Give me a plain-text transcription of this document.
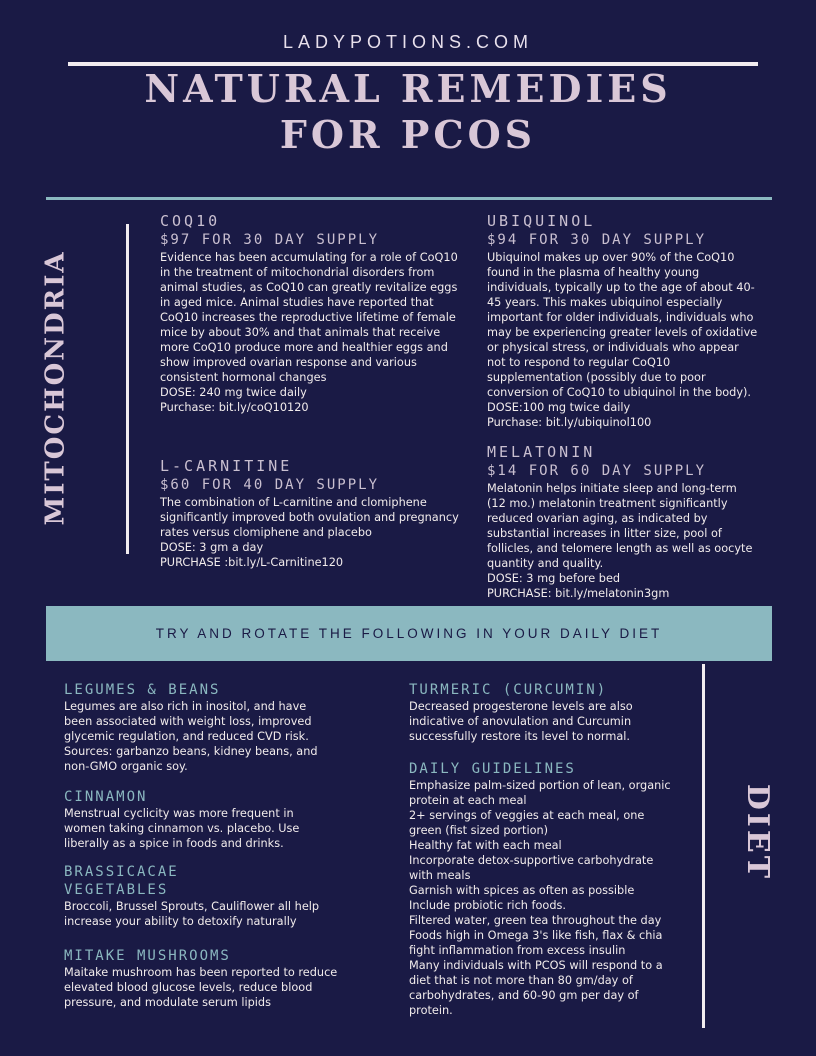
LADYPOTIONS.COM
NATURAL REMEDIES
FOR PCOS
MITOCHONDRIA
COQ10
$97 FOR 30 DAY SUPPLY
Evidence has been accumulating for a role of CoQ10 in the treatment of mitochondrial disorders from animal studies, as CoQ10 can greatly revitalize eggs in aged mice. Animal studies have reported that CoQ10 increases the reproductive lifetime of female mice by about 30% and that animals that receive more CoQ10 produce more and healthier eggs and show improved ovarian response and various consistent hormonal changes
DOSE: 240 mg twice daily
Purchase: bit.ly/coQ10120
UBIQUINOL
$94 FOR 30 DAY SUPPLY
Ubiquinol makes up over 90% of the CoQ10 found in the plasma of healthy young individuals, typically up to the age of about 40-45 years. This makes ubiquinol especially important for older individuals, individuals who may be experiencing greater levels of oxidative or physical stress, or individuals who appear not to respond to regular CoQ10 supplementation (possibly due to poor conversion of CoQ10 to ubiquinol in the body).
DOSE:100 mg twice daily
Purchase: bit.ly/ubiquinol100
L-CARNITINE
$60 FOR 40 DAY SUPPLY
The combination of L-carnitine and clomiphene significantly improved both ovulation and pregnancy rates versus clomiphene and placebo
DOSE: 3 gm a day
PURCHASE :bit.ly/L-Carnitine120
MELATONIN
$14 FOR 60 DAY SUPPLY
Melatonin helps initiate sleep and long-term (12 mo.) melatonin treatment significantly reduced ovarian aging, as indicated by substantial increases in litter size, pool of follicles, and telomere length as well as oocyte quantity and quality.
DOSE: 3 mg before bed
PURCHASE: bit.ly/melatonin3gm
TRY AND ROTATE THE FOLLOWING IN YOUR DAILY DIET
LEGUMES & BEANS
Legumes are also rich in inositol, and have been associated with weight loss, improved glycemic regulation, and reduced CVD risk. Sources: garbanzo beans, kidney beans, and non-GMO organic soy.
CINNAMON
Menstrual cyclicity was more frequent in women taking cinnamon vs. placebo. Use liberally as a spice in foods and drinks.
BRASSICACAE VEGETABLES
Broccoli, Brussel Sprouts, Cauliflower all help increase your ability to detoxify naturally
MITAKE MUSHROOMS
Maitake mushroom has been reported to reduce elevated blood glucose levels, reduce blood pressure, and modulate serum lipids
TURMERIC (CURCUMIN)
Decreased progesterone levels are also indicative of anovulation and Curcumin successfully restore its level to normal.
DAILY GUIDELINES
Emphasize palm-sized portion of lean, organic protein at each meal
2+ servings of veggies at each meal, one green (fist sized portion)
Healthy fat with each meal
Incorporate detox-supportive carbohydrate with meals
Garnish with spices as often as possible
Include probiotic rich foods.
Filtered water, green tea throughout the day
Foods high in Omega 3's like fish, flax & chia fight inflammation from excess insulin
Many individuals with PCOS will respond to a diet that is not more than 80 gm/day of carbohydrates, and 60-90 gm per day of protein.
DIET
